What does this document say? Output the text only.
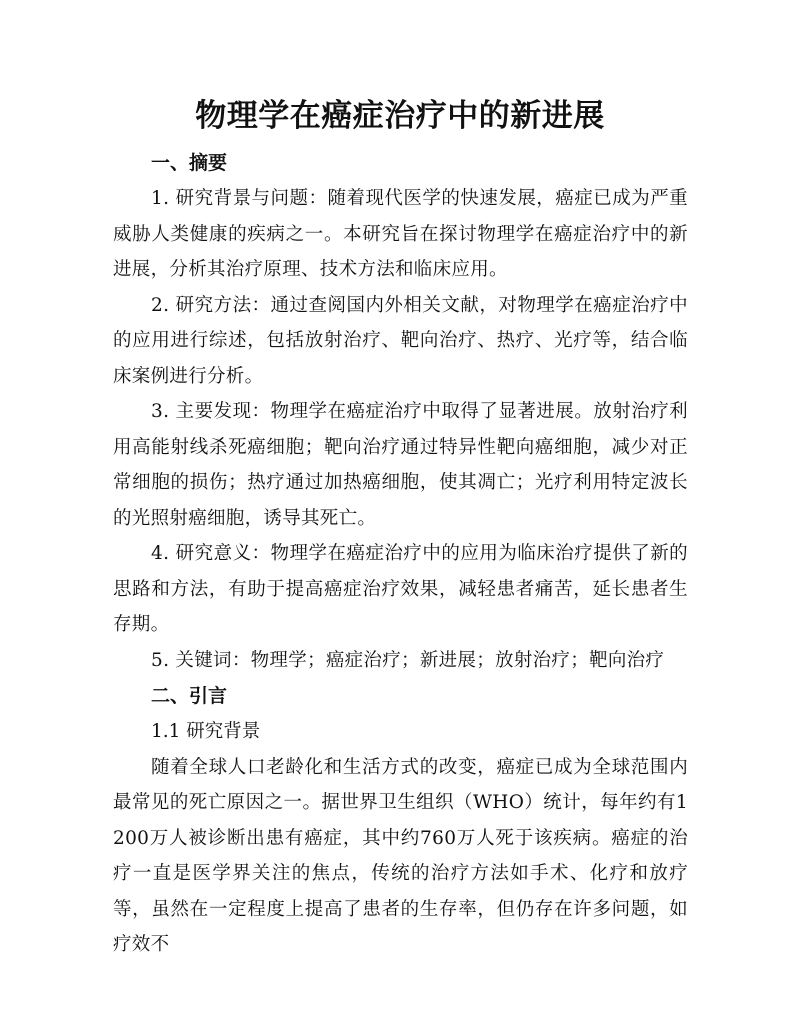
物理学在癌症治疗中的新进展
一、摘要

1. 研究背景与问题：随着现代医学的快速发展，癌症已成为严重威胁人类健康的疾病之一。本研究旨在探讨物理学在癌症治疗中的新进展，分析其治疗原理、技术方法和临床应用。

2. 研究方法：通过查阅国内外相关文献，对物理学在癌症治疗中的应用进行综述，包括放射治疗、靶向治疗、热疗、光疗等，结合临床案例进行分析。

3. 主要发现：物理学在癌症治疗中取得了显著进展。放射治疗利用高能射线杀死癌细胞；靶向治疗通过特异性靶向癌细胞，减少对正常细胞的损伤；热疗通过加热癌细胞，使其凋亡；光疗利用特定波长的光照射癌细胞，诱导其死亡。

4. 研究意义：物理学在癌症治疗中的应用为临床治疗提供了新的思路和方法，有助于提高癌症治疗效果，减轻患者痛苦，延长患者生存期。

5. 关键词：物理学；癌症治疗；新进展；放射治疗；靶向治疗

二、引言

1.1 研究背景

随着全球人口老龄化和生活方式的改变，癌症已成为全球范围内最常见的死亡原因之一。据世界卫生组织（WHO）统计，每年约有1200万人被诊断出患有癌症，其中约760万人死于该疾病。癌症的治疗一直是医学界关注的焦点，传统的治疗方法如手术、化疗和放疗等，虽然在一定程度上提高了患者的生存率，但仍存在许多问题，如疗效不
